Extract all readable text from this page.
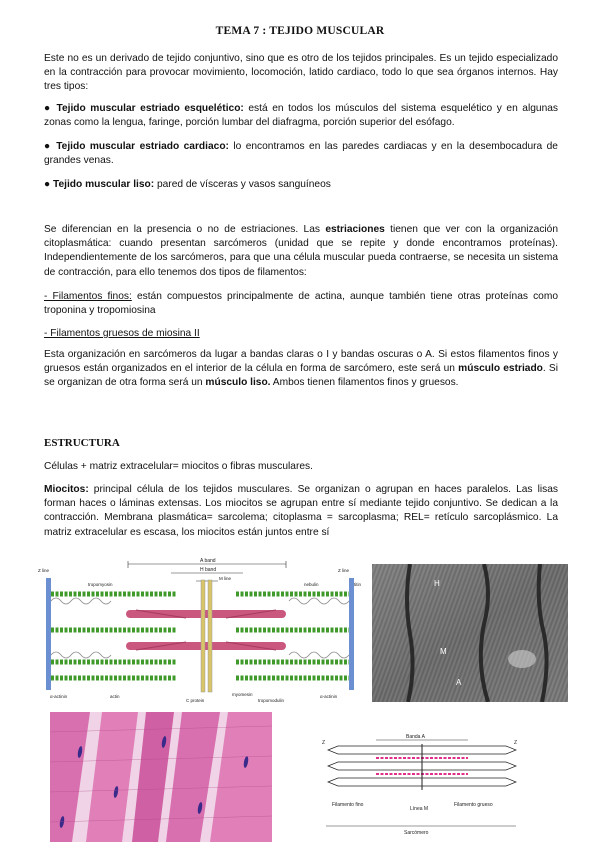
TEMA 7 : TEJIDO MUSCULAR
Este no es un derivado de tejido conjuntivo, sino que es otro de los tejidos principales. Es un tejido especializado en la contracción para provocar movimiento, locomoción, latido cardiaco, todo lo que sea órganos internos. Hay tres tipos:
● Tejido muscular estriado esquelético: está en todos los músculos del sistema esquelético y en algunas zonas como la lengua, faringe, porción lumbar del diafragma, porción superior del esófago.
● Tejido muscular estriado cardiaco: lo encontramos en las paredes cardiacas y en la desembocadura de grandes venas.
● Tejido muscular liso: pared de vísceras y vasos sanguíneos
Se diferencian en la presencia o no de estriaciones. Las estriaciones tienen que ver con la organización citoplasmática: cuando presentan sarcómeros (unidad que se repite y donde encontramos proteínas). Independientemente de los sarcómeros, para que una célula muscular pueda contraerse, se necesita un sistema de contracción, para ello tenemos dos tipos de filamentos:
- Filamentos finos: están compuestos principalmente de actina, aunque también tiene otras proteínas como troponina y tropomiosina
- Filamentos gruesos de miosina II
Esta organización en sarcómeros da lugar a bandas claras o I y bandas oscuras o A. Si estos filamentos finos y gruesos están organizados en el interior de la célula en forma de sarcómero, este será un músculo estriado. Si se organizan de otra forma será un músculo liso. Ambos tienen filamentos finos y gruesos.
ESTRUCTURA
Células + matriz extracelular= miocitos o fibras musculares.
Miocitos: principal célula de los tejidos musculares. Se organizan o agrupan en haces paralelos. Las lisas forman haces o láminas extensas. Los miocitos se agrupan entre sí mediante tejido conjuntivo. Se dedican a la contracción. Membrana plasmática= sarcolema; citoplasma = sarcoplasma; REL= retículo sarcoplásmico. La matriz extracelular es escasa, los miocitos están juntos entre sí
A band
H band
M line
Z line	Z line
tropomyosin	nebulin	titin
α-actinin	actin
C protein
myomesin
tropomodulin
α-actinin
H
M
A
Banda A
Z	Z
Filamento fino
Línea M
Filamento grueso
Sarcómero
